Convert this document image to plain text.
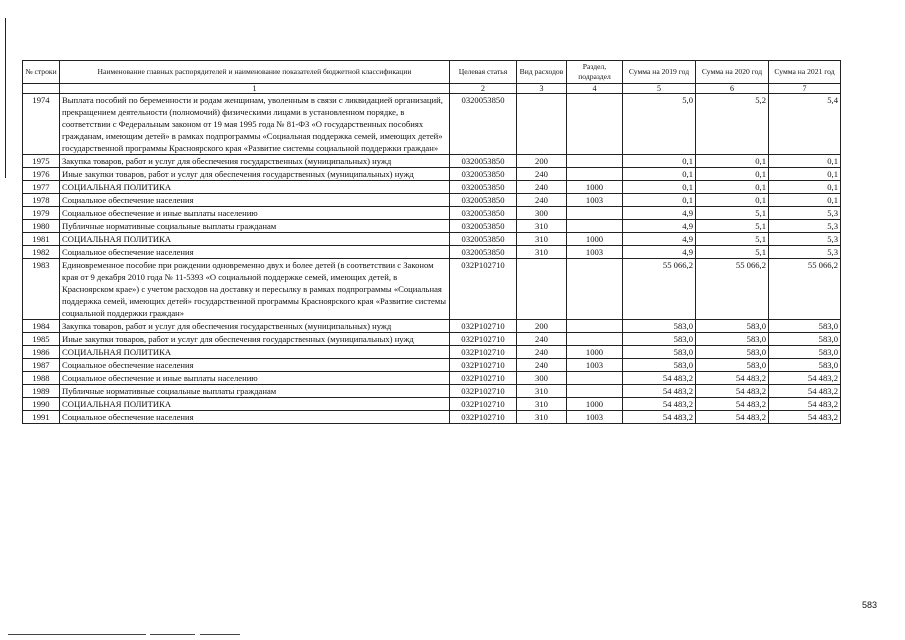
№ строки	Наименование главных распорядителей и наименование показателей бюджетной классификации	Целевая статья	Вид расходов	Раздел, подраздел	Сумма на 2019 год	Сумма на 2020 год	Сумма на 2021 год
	1	2	3	4	5	6	7
1974	Выплата пособий по беременности и родам женщинам, уволенным в связи с ликвидацией организаций, прекращением деятельности (полномочий) физическими лицами в установленном порядке, в соответствии с Федеральным законом от 19 мая 1995 года № 81-ФЗ «О государственных пособиях гражданам, имеющим детей» в рамках подпрограммы «Социальная поддержка семей, имеющих детей» государственной программы Красноярского края «Развитие системы социальной поддержки граждан»	0320053850			5,0	5,2	5,4
1975	Закупка товаров, работ и услуг для обеспечения государственных (муниципальных) нужд	0320053850	200		0,1	0,1	0,1
1976	Иные закупки товаров, работ и услуг для обеспечения государственных (муниципальных) нужд	0320053850	240		0,1	0,1	0,1
1977	СОЦИАЛЬНАЯ ПОЛИТИКА	0320053850	240	1000	0,1	0,1	0,1
1978	Социальное обеспечение населения	0320053850	240	1003	0,1	0,1	0,1
1979	Социальное обеспечение и иные выплаты населению	0320053850	300		4,9	5,1	5,3
1980	Публичные нормативные социальные выплаты гражданам	0320053850	310		4,9	5,1	5,3
1981	СОЦИАЛЬНАЯ ПОЛИТИКА	0320053850	310	1000	4,9	5,1	5,3
1982	Социальное обеспечение населения	0320053850	310	1003	4,9	5,1	5,3
1983	Единовременное пособие при рождении одновременно двух и более детей (в соответствии с Законом края от 9 декабря 2010 года № 11-5393 «О социальной поддержке семей, имеющих детей, в Красноярском крае») с учетом расходов на доставку и пересылку в рамках подпрограммы «Социальная поддержка семей, имеющих детей» государственной программы Красноярского края «Развитие системы социальной поддержки граждан»	032P102710			55 066,2	55 066,2	55 066,2
1984	Закупка товаров, работ и услуг для обеспечения государственных (муниципальных) нужд	032P102710	200		583,0	583,0	583,0
1985	Иные закупки товаров, работ и услуг для обеспечения государственных (муниципальных) нужд	032P102710	240		583,0	583,0	583,0
1986	СОЦИАЛЬНАЯ ПОЛИТИКА	032P102710	240	1000	583,0	583,0	583,0
1987	Социальное обеспечение населения	032P102710	240	1003	583,0	583,0	583,0
1988	Социальное обеспечение и иные выплаты населению	032P102710	300		54 483,2	54 483,2	54 483,2
1989	Публичные нормативные социальные выплаты гражданам	032P102710	310		54 483,2	54 483,2	54 483,2
1990	СОЦИАЛЬНАЯ ПОЛИТИКА	032P102710	310	1000	54 483,2	54 483,2	54 483,2
1991	Социальное обеспечение населения	032P102710	310	1003	54 483,2	54 483,2	54 483,2
583
